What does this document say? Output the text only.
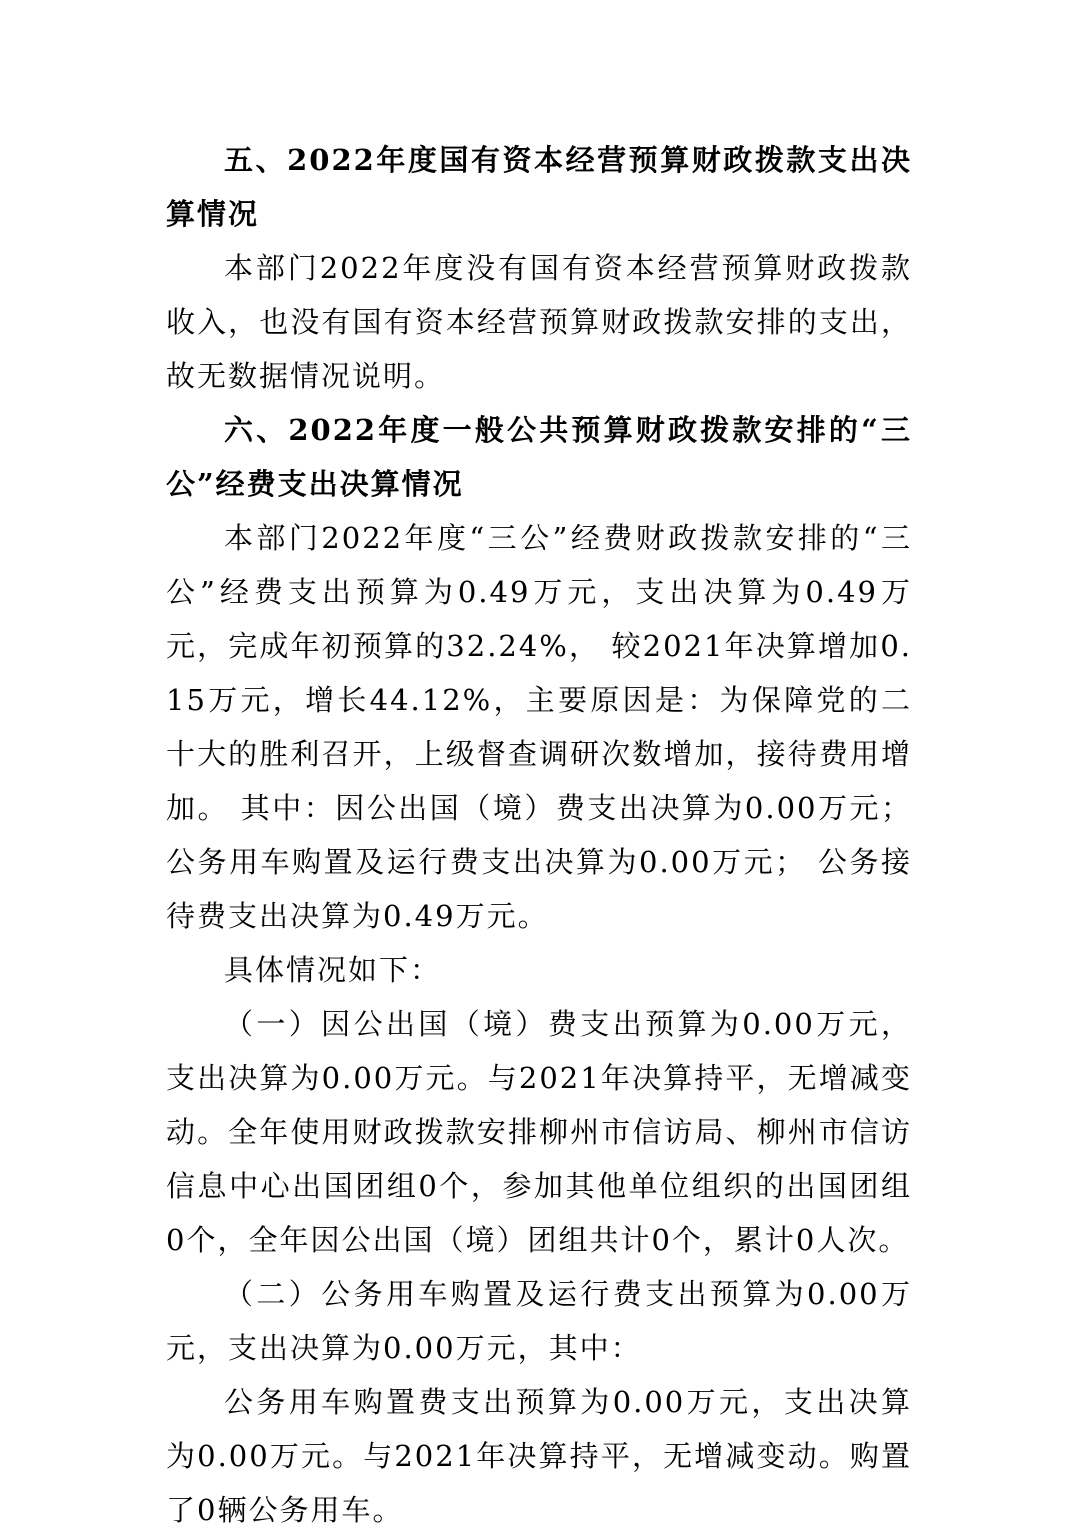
五、2022年度国有资本经营预算财政拨款支出决算情况

本部门2022年度没有国有资本经营预算财政拨款收入，也没有国有资本经营预算财政拨款安排的支出，故无数据情况说明。

六、2022年度一般公共预算财政拨款安排的“三公”经费支出决算情况

本部门2022年度“三公”经费财政拨款安排的“三公”经费支出预算为0.49万元，支出决算为0.49万元，完成年初预算的32.24%， 较2021年决算增加0.15万元，增长44.12%，主要原因是：为保障党的二十大的胜利召开，上级督查调研次数增加，接待费用增加。 其中：因公出国（境）费支出决算为0.00万元；公务用车购置及运行费支出决算为0.00万元； 公务接待费支出决算为0.49万元。

具体情况如下：

（一）因公出国（境）费支出预算为0.00万元，支出决算为0.00万元。与2021年决算持平，无增减变动。全年使用财政拨款安排柳州市信访局、柳州市信访信息中心出国团组0个，参加其他单位组织的出国团组0个，全年因公出国（境）团组共计0个，累计0人次。

（二）公务用车购置及运行费支出预算为0.00万元，支出决算为0.00万元，其中：

公务用车购置费支出预算为0.00万元，支出决算为0.00万元。与2021年决算持平，无增减变动。购置了0辆公务用车。
